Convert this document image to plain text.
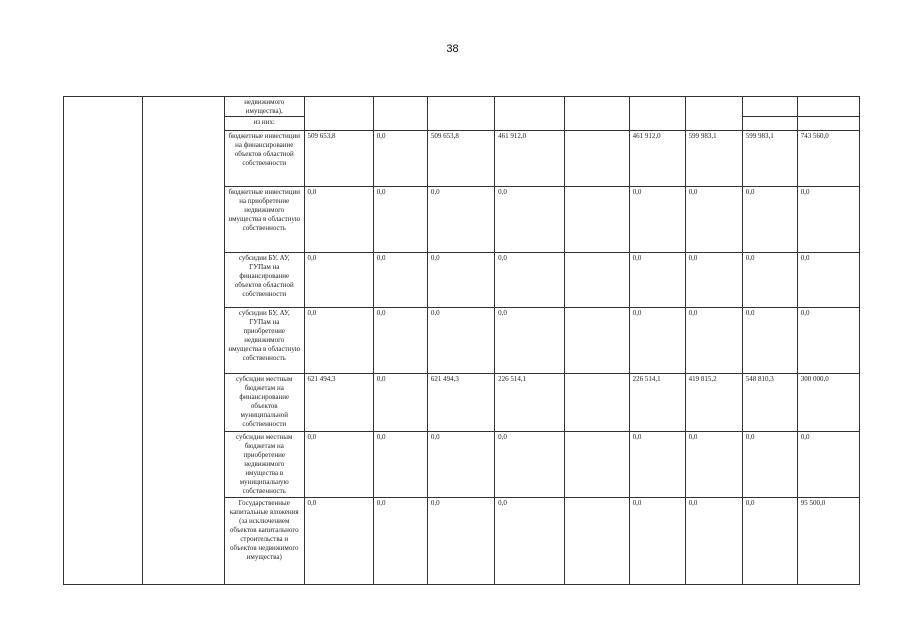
38
		недвижимого имущества),									
		из них:									
		бюджетные инвестиции на финансирование объектов областной собственности	509 653,8	0,0	509 653,8	461 912,0		461 912,0	599 983,1	599 983,1	743 560,0
		бюджетные инвестиции на приобретение недвижимого имущества в областную собственность	0,0	0,0	0,0	0,0		0,0	0,0	0,0	0,0
		субсидии БУ, АУ, ГУПам на финансирование объектов областной собственности	0,0	0,0	0,0	0,0		0,0	0,0	0,0	0,0
		субсидии БУ, АУ, ГУПам на приобретение недвижимого имущества в областную собственность	0,0	0,0	0,0	0,0		0,0	0,0	0,0	0,0
		субсидии местным бюджетам на финансирование объектов муниципальной собственности	621 494,3	0,0	621 494,3	226 514,1		226 514,1	419 815,2	548 810,3	300 000,0
		субсидии местным бюджетам на приобретение недвижимого имущества в муниципальную собственность	0,0	0,0	0,0	0,0		0,0	0,0	0,0	0,0
		Государственные капитальные вложения (за исключением объектов капитального строительства и объектов недвижимого имущества)	0,0	0,0	0,0	0,0		0,0	0,0	0,0	95 500,0
